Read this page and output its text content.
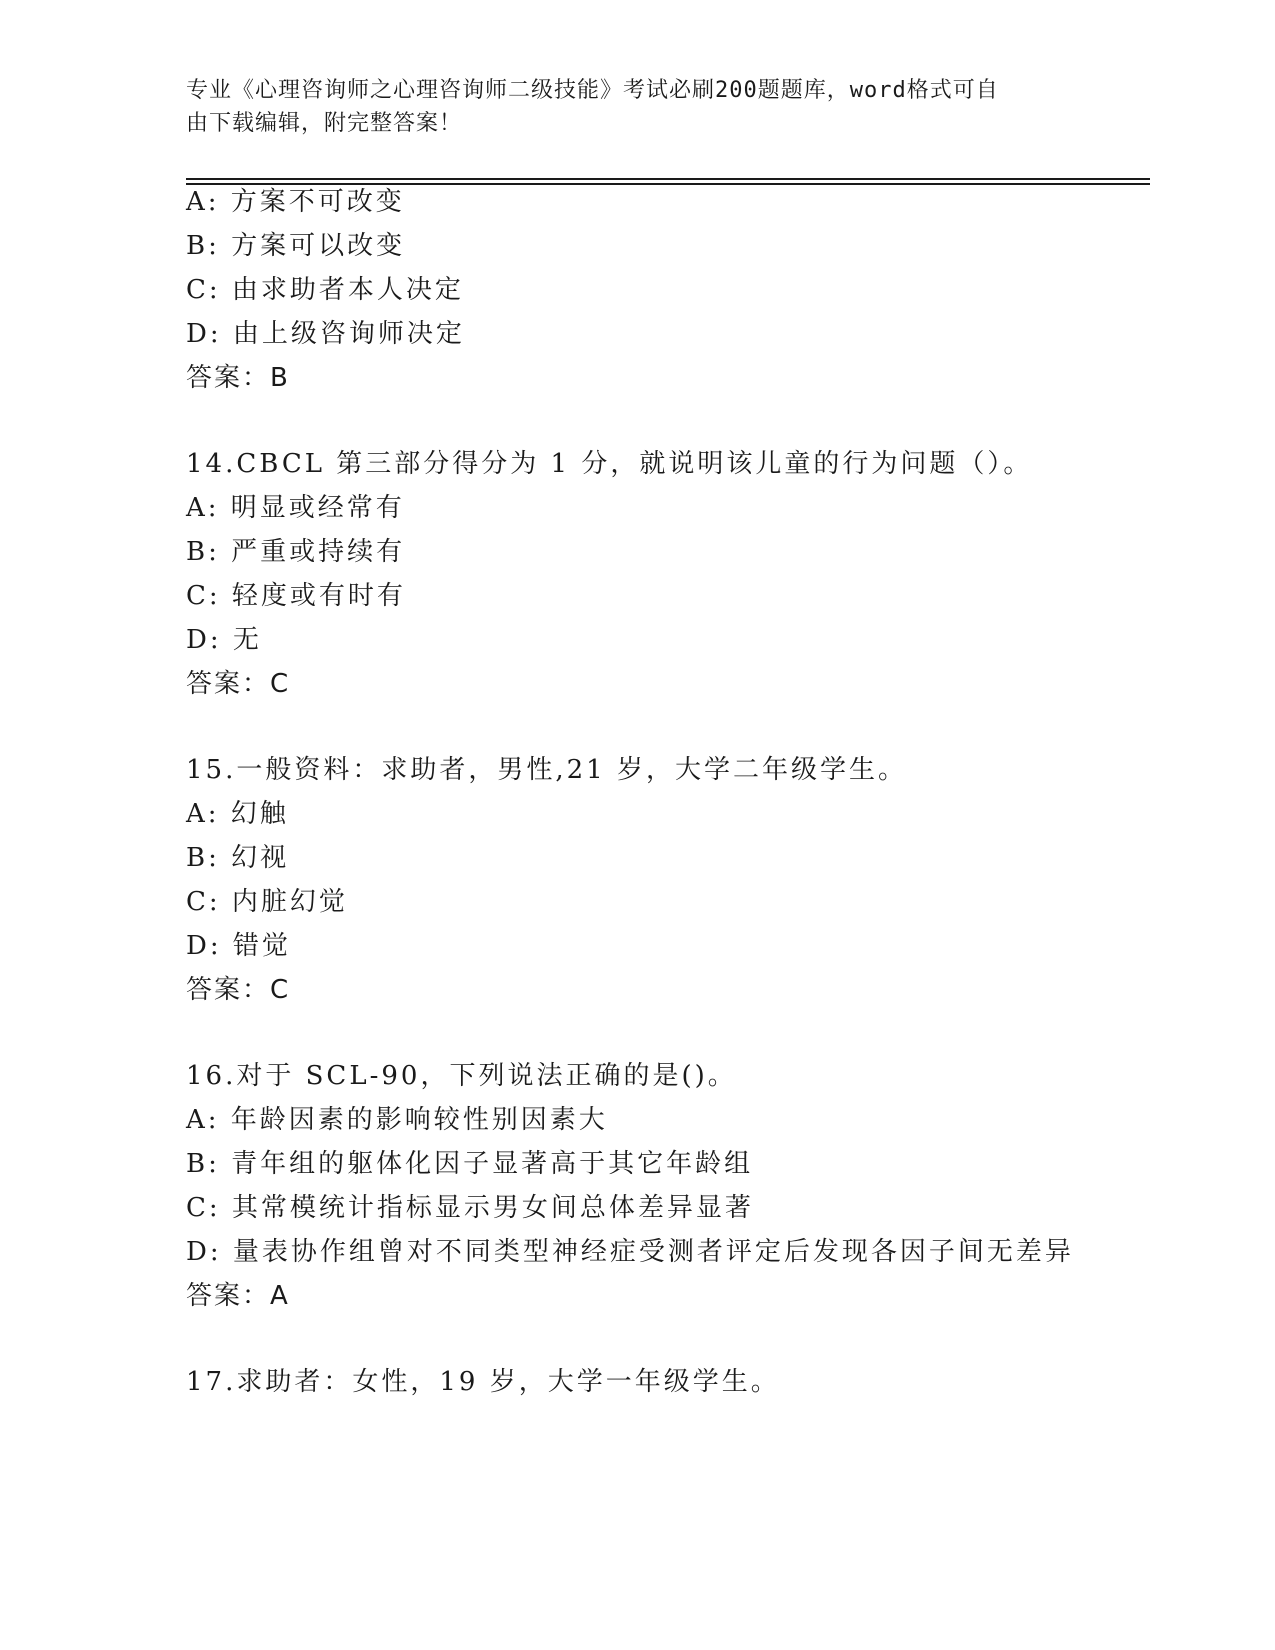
专业《心理咨询师之心理咨询师二级技能》考试必刷200题题库，word格式可自
由下载编辑，附完整答案！
A: 方案不可改变
B: 方案可以改变
C: 由求助者本人决定
D: 由上级咨询师决定
答案：B
14.CBCL 第三部分得分为 1 分，就说明该儿童的行为问题（）。
A: 明显或经常有
B: 严重或持续有
C: 轻度或有时有
D: 无
答案：C
15.一般资料：求助者，男性,21 岁，大学二年级学生。
A: 幻触
B: 幻视
C: 内脏幻觉
D: 错觉
答案：C
16.对于 SCL-90，下列说法正确的是()。
A: 年龄因素的影响较性别因素大
B: 青年组的躯体化因子显著高于其它年龄组
C: 其常模统计指标显示男女间总体差异显著
D: 量表协作组曾对不同类型神经症受测者评定后发现各因子间无差异
答案：A
17.求助者：女性，19 岁，大学一年级学生。
